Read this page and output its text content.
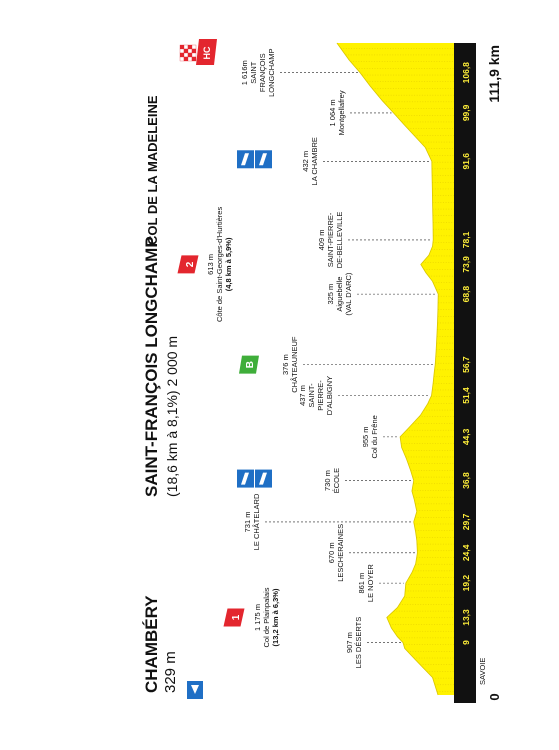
9
13,3
19,2
24,4
29,7
36,8
44,3
51,4
56,7
68,8
73,9
78,1
91,6
99,9
106,8
SAVOIE
0
111,9 km
CHAMBÉRY 329 m
SAINT-FRANÇOIS LONGCHAMP
COL DE LA MADELEINE
(18,6 km à 8,1%) 2 000 m
907 m LES DÉSERTS
861 m LE NOYER
670 m LESCHERAINES
731 m LE CHÂTELARD
730 m ÉCOLE
955 m Col du Frêne
437 m SAINT- PIERRE- D'ALBIGNY
376 m CHÂTEAUNEUF
325 m Aiguebelle (VAL D'ARC)
409 m SAINT-PIERRE- DE-BELLEVILLE
432 m LA CHAMBRE
1 064 m Montgellafrey
1 616m SAINT FRANÇOIS LONGCHAMP
1 175 m Col de Plainpalais (13,2 km à 6,3%)
613 m Côte de Saint-Georges-d'Hurtières (4,8 km à 5,9%)
1
2
HC
B
